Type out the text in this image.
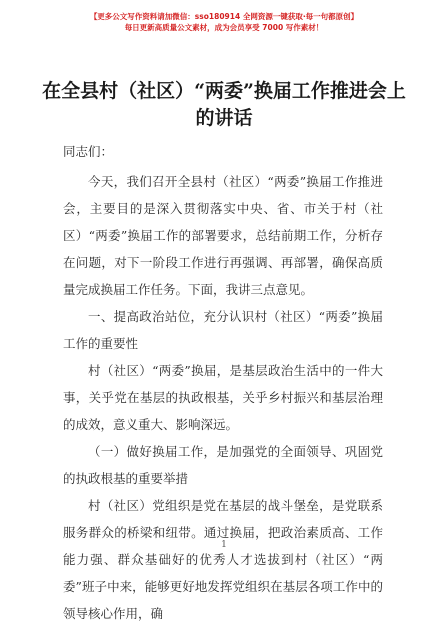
【更多公文写作资料请加微信：sso180914 全网资源一键获取·每一句都原创】
每日更新高质量公文素材，成为会员享受 7000 写作素材！
在全县村（社区）“两委”换届工作推进会上的讲话

同志们：

今天，我们召开全县村（社区）“两委”换届工作推进会，主要目的是深入贯彻落实中央、省、市关于村（社区）“两委”换届工作的部署要求，总结前期工作，分析存在问题，对下一阶段工作进行再强调、再部署，确保高质量完成换届工作任务。下面，我讲三点意见。

一、提高政治站位，充分认识村（社区）“两委”换届工作的重要性

村（社区）“两委”换届，是基层政治生活中的一件大事，关乎党在基层的执政根基，关乎乡村振兴和基层治理的成效，意义重大、影响深远。

（一）做好换届工作，是加强党的全面领导、巩固党的执政根基的重要举措

村（社区）党组织是党在基层的战斗堡垒，是党联系服务群众的桥梁和纽带。通过换届，把政治素质高、工作能力强、群众基础好的优秀人才选拔到村（社区）“两委”班子中来，能够更好地发挥党组织在基层各项工作中的领导核心作用，确

1
